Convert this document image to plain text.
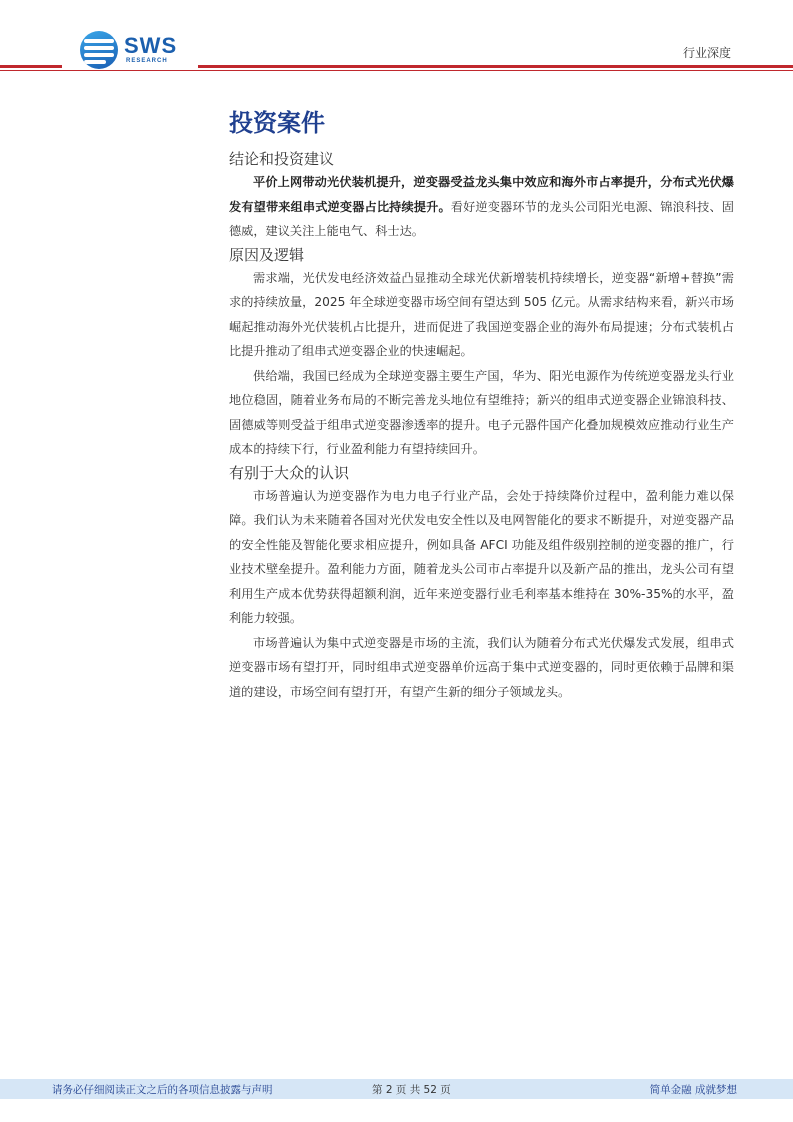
SWS
RESEARCH
行业深度
投资案件
结论和投资建议

平价上网带动光伏装机提升，逆变器受益龙头集中效应和海外市占率提升，分布式光伏爆发有望带来组串式逆变器占比持续提升。看好逆变器环节的龙头公司阳光电源、锦浪科技、固德威，建议关注上能电气、科士达。

原因及逻辑

需求端，光伏发电经济效益凸显推动全球光伏新增装机持续增长，逆变器“新增+替换”需求的持续放量，2025 年全球逆变器市场空间有望达到 505 亿元。从需求结构来看，新兴市场崛起推动海外光伏装机占比提升，进而促进了我国逆变器企业的海外布局提速；分布式装机占比提升推动了组串式逆变器企业的快速崛起。

供给端，我国已经成为全球逆变器主要生产国，华为、阳光电源作为传统逆变器龙头行业地位稳固，随着业务布局的不断完善龙头地位有望维持；新兴的组串式逆变器企业锦浪科技、固德威等则受益于组串式逆变器渗透率的提升。电子元器件国产化叠加规模效应推动行业生产成本的持续下行，行业盈利能力有望持续回升。

有别于大众的认识

市场普遍认为逆变器作为电力电子行业产品，会处于持续降价过程中，盈利能力难以保障。我们认为未来随着各国对光伏发电安全性以及电网智能化的要求不断提升，对逆变器产品的安全性能及智能化要求相应提升，例如具备 AFCI 功能及组件级别控制的逆变器的推广，行业技术壁垒提升。盈利能力方面，随着龙头公司市占率提升以及新产品的推出，龙头公司有望利用生产成本优势获得超额利润，近年来逆变器行业毛利率基本维持在 30%-35%的水平，盈利能力较强。

市场普遍认为集中式逆变器是市场的主流，我们认为随着分布式光伏爆发式发展，组串式逆变器市场有望打开，同时组串式逆变器单价远高于集中式逆变器的，同时更依赖于品牌和渠道的建设，市场空间有望打开，有望产生新的细分子领域龙头。

请务必仔细阅读正文之后的各项信息披露与声明	第 2 页 共 52 页	简单金融 成就梦想
